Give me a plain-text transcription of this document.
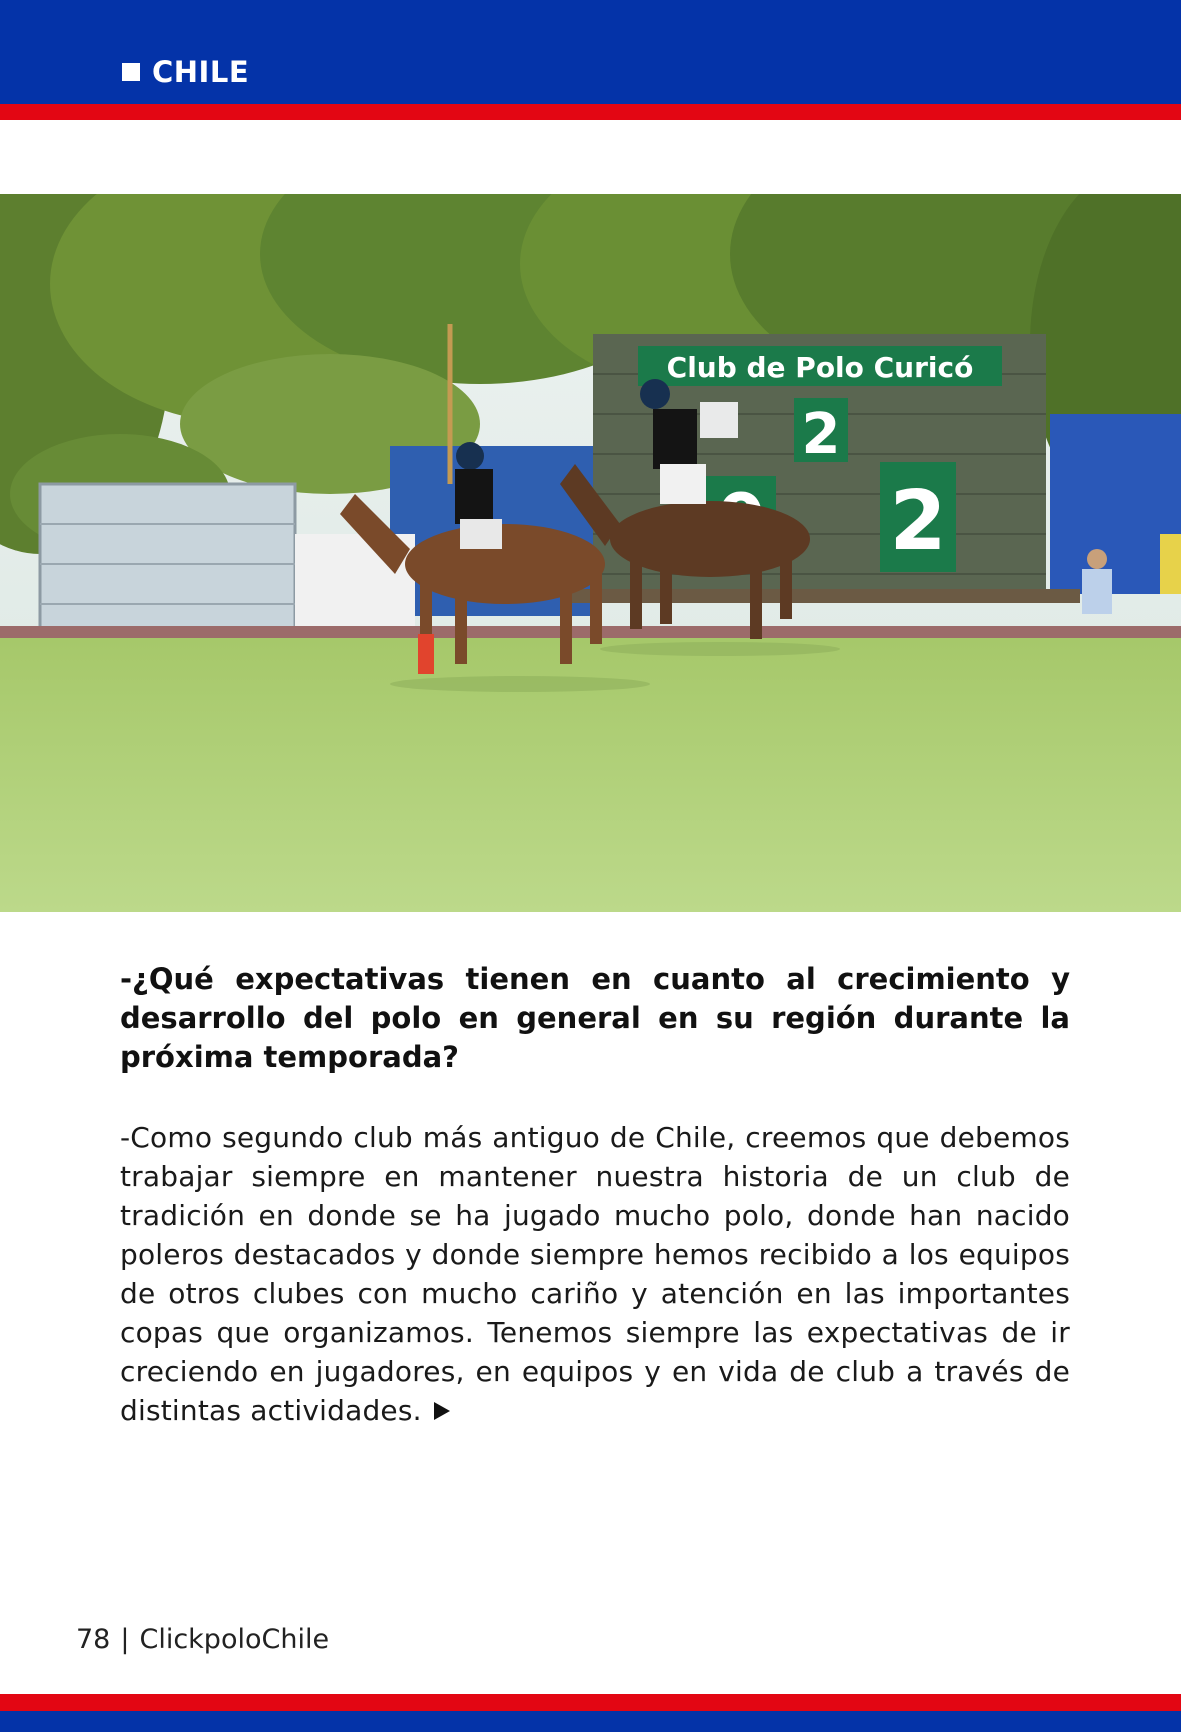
CHILE
Club de Polo Curicó
2
2

-¿Qué expectativas tienen en cuanto al crecimiento y desarrollo del polo en general en su región durante la próxima temporada?

-Como segundo club más antiguo de Chile, creemos que debemos trabajar siempre en mantener nuestra historia de un club de tradición en donde se ha jugado mucho polo, donde han nacido poleros destacados y donde siempre hemos recibido a los equipos de otros clubes con mucho cariño y atención en las importantes copas que organizamos. Tenemos siempre las expectativas de ir creciendo en jugadores, en equipos y en vida de club a través de distintas actividades.

78 | ClickpoloChile
